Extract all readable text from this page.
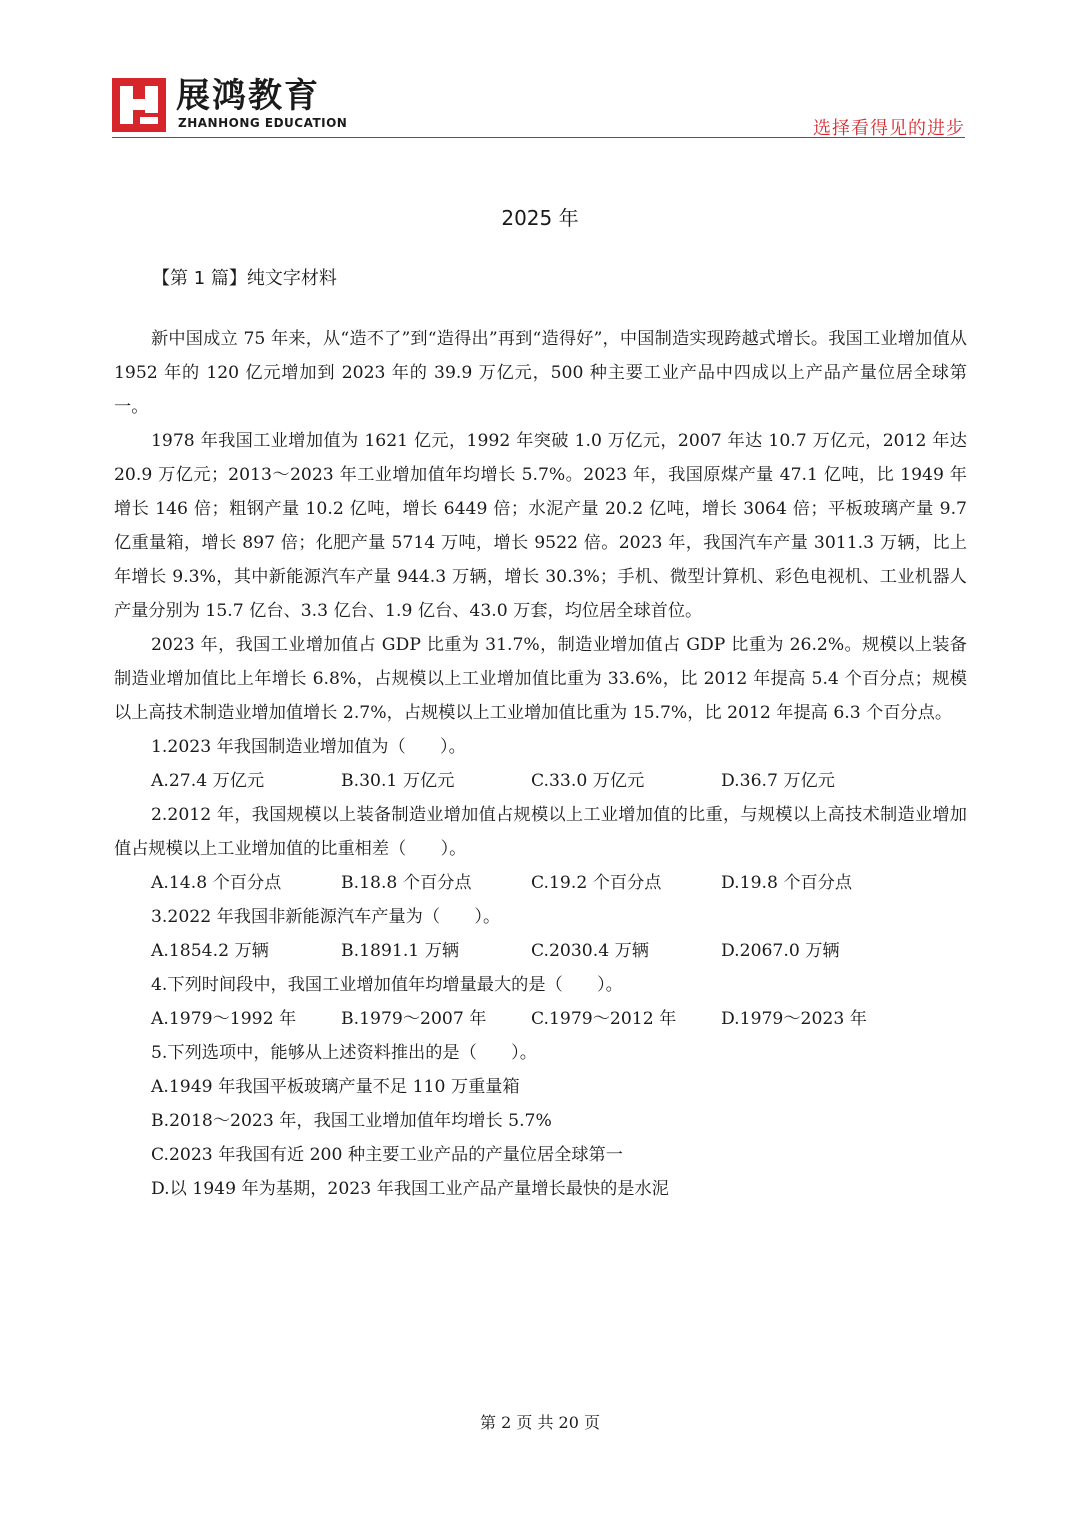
展鸿教育
ZHANHONG EDUCATION	选择看得见的进步
2025 年
【第 1 篇】纯文字材料

新中国成立 75 年来，从“造不了”到“造得出”再到“造得好”，中国制造实现跨越式增长。我国工业增加值从 1952 年的 120 亿元增加到 2023 年的 39.9 万亿元，500 种主要工业产品中四成以上产品产量位居全球第一。

1978 年我国工业增加值为 1621 亿元，1992 年突破 1.0 万亿元，2007 年达 10.7 万亿元，2012 年达 20.9 万亿元；2013～2023 年工业增加值年均增长 5.7%。2023 年，我国原煤产量 47.1 亿吨，比 1949 年增长 146 倍；粗钢产量 10.2 亿吨，增长 6449 倍；水泥产量 20.2 亿吨，增长 3064 倍；平板玻璃产量 9.7 亿重量箱，增长 897 倍；化肥产量 5714 万吨，增长 9522 倍。2023 年，我国汽车产量 3011.3 万辆，比上年增长 9.3%，其中新能源汽车产量 944.3 万辆，增长 30.3%；手机、微型计算机、彩色电视机、工业机器人产量分别为 15.7 亿台、3.3 亿台、1.9 亿台、43.0 万套，均位居全球首位。

2023 年，我国工业增加值占 GDP 比重为 31.7%，制造业增加值占 GDP 比重为 26.2%。规模以上装备制造业增加值比上年增长 6.8%，占规模以上工业增加值比重为 33.6%，比 2012 年提高 5.4 个百分点；规模以上高技术制造业增加值增长 2.7%，占规模以上工业增加值比重为 15.7%，比 2012 年提高 6.3 个百分点。

1.2023 年我国制造业增加值为（　　）。

A.27.4 万亿元	B.30.1 万亿元	C.33.0 万亿元	D.36.7 万亿元

2.2012 年，我国规模以上装备制造业增加值占规模以上工业增加值的比重，与规模以上高技术制造业增加值占规模以上工业增加值的比重相差（　　）。

A.14.8 个百分点	B.18.8 个百分点	C.19.2 个百分点	D.19.8 个百分点

3.2022 年我国非新能源汽车产量为（　　）。

A.1854.2 万辆	B.1891.1 万辆	C.2030.4 万辆	D.2067.0 万辆

4.下列时间段中，我国工业增加值年均增量最大的是（　　）。

A.1979～1992 年	B.1979～2007 年	C.1979～2012 年	D.1979～2023 年

5.下列选项中，能够从上述资料推出的是（　　）。

A.1949 年我国平板玻璃产量不足 110 万重量箱

B.2018～2023 年，我国工业增加值年均增长 5.7%

C.2023 年我国有近 200 种主要工业产品的产量位居全球第一

D.以 1949 年为基期，2023 年我国工业产品产量增长最快的是水泥

第 2 页 共 20 页
